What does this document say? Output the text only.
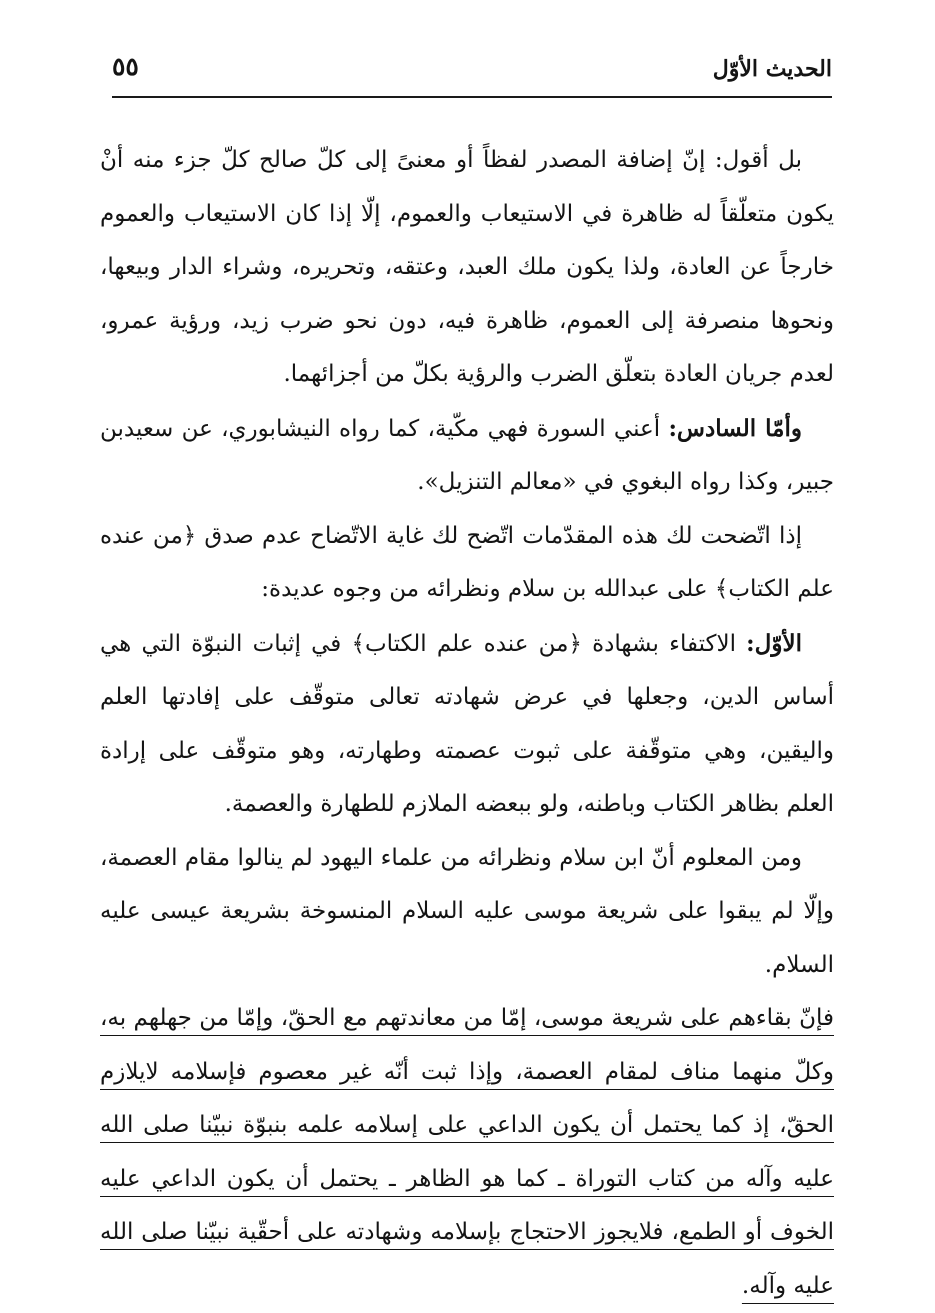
٥٥	الحديث الأوّل

بل أقول: إنّ إضافة المصدر لفظاً أو معنىً إلى كلّ صالح كلّ جزء منه أنْ يكون متعلّقاً له ظاهرة في الاستيعاب والعموم، إلّا إذا كان الاستيعاب والعموم خارجاً عن العادة، ولذا يكون ملك العبد، وعتقه، وتحريره، وشراء الدار وبيعها، ونحوها منصرفة إلى العموم، ظاهرة فيه، دون نحو ضرب زيد، ورؤية عمرو، لعدم جريان العادة بتعلّق الضرب والرؤية بكلّ من أجزائهما.

وأمّا السادس: أعني السورة فهي مكّية، كما رواه النيشابوري، عن سعيدبن جبير، وكذا رواه البغوي في «معالم التنزيل».

إذا اتّضحت لك هذه المقدّمات اتّضح لك غاية الاتّضاح عدم صدق ﴿من عنده علم الكتاب﴾ على عبدالله بن سلام ونظرائه من وجوه عديدة:

الأوّل: الاكتفاء بشهادة ﴿من عنده علم الكتاب﴾ في إثبات النبوّة التي هي أساس الدين، وجعلها في عرض شهادته تعالى متوقّف على إفادتها العلم واليقين، وهي متوقّفة على ثبوت عصمته وطهارته، وهو متوقّف على إرادة العلم بظاهر الكتاب وباطنه، ولو ببعضه الملازم للطهارة والعصمة.

ومن المعلوم أنّ ابن سلام ونظرائه من علماء اليهود لم ينالوا مقام العصمة، وإلّا لم يبقوا على شريعة موسى عليه السلام المنسوخة بشريعة عيسى عليه السلام.

فإنّ بقاءهم على شريعة موسى، إمّا من معاندتهم مع الحقّ، وإمّا من جهلهم به، وكلّ منهما مناف لمقام العصمة، وإذا ثبت أنّه غير معصوم فإسلامه لايلازم الحقّ، إذ كما يحتمل أن يكون الداعي على إسلامه علمه بنبوّة نبيّنا صلى الله عليه وآله من كتاب التوراة ـ كما هو الظاهر ـ يحتمل أن يكون الداعي عليه الخوف أو الطمع، فلايجوز الاحتجاج بإسلامه وشهادته على أحقّية نبيّنا صلى الله عليه وآله.
